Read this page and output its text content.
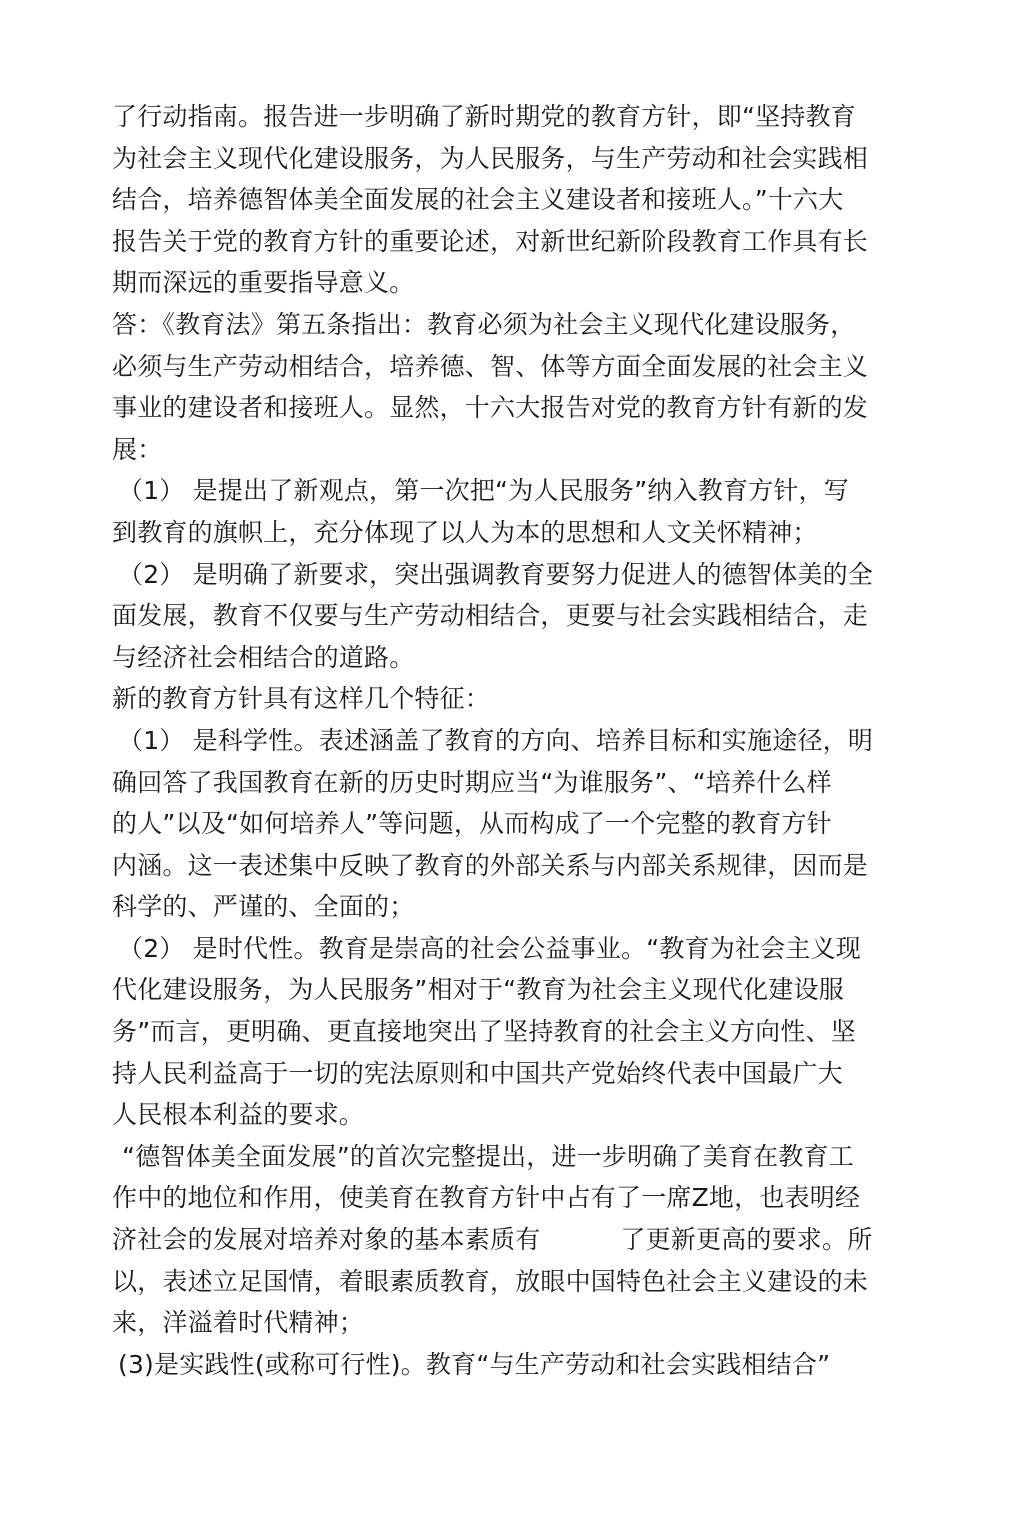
了行动指南。报告进一步明确了新时期党的教育方针，即“坚持教育
为社会主义现代化建设服务，为人民服务，与生产劳动和社会实践相
结合，培养德智体美全面发展的社会主义建设者和接班人。”十六大
报告关于党的教育方针的重要论述，对新世纪新阶段教育工作具有长
期而深远的重要指导意义。
答：《教育法》第五条指出：教育必须为社会主义现代化建设服务，
必须与生产劳动相结合，培养德、智、体等方面全面发展的社会主义
事业的建设者和接班人。显然，十六大报告对党的教育方针有新的发
展：
（1） 是提出了新观点，第一次把“为人民服务”纳入教育方针，写
到教育的旗帜上，充分体现了以人为本的思想和人文关怀精神；
（2） 是明确了新要求，突出强调教育要努力促进人的德智体美的全
面发展，教育不仅要与生产劳动相结合，更要与社会实践相结合，走
与经济社会相结合的道路。
新的教育方针具有这样几个特征：
（1） 是科学性。表述涵盖了教育的方向、培养目标和实施途径，明
确回答了我国教育在新的历史时期应当“为谁服务”、“培养什么样
的人”以及“如何培养人”等问题，从而构成了一个完整的教育方针
内涵。这一表述集中反映了教育的外部关系与内部关系规律，因而是
科学的、严谨的、全面的；
（2） 是时代性。教育是崇高的社会公益事业。“教育为社会主义现
代化建设服务，为人民服务”相对于“教育为社会主义现代化建设服
务”而言，更明确、更直接地突出了坚持教育的社会主义方向性、坚
持人民利益高于一切的宪法原则和中国共产党始终代表中国最广大
人民根本利益的要求。
“德智体美全面发展”的首次完整提出，进一步明确了美育在教育工
作中的地位和作用，使美育在教育方针中占有了一席Z地，也表明经
济社会的发展对培养对象的基本素质有	了更新更高的要求。所
以，表述立足国情，着眼素质教育，放眼中国特色社会主义建设的未
来，洋溢着时代精神；
(3)是实践性(或称可行性)。教育“与生产劳动和社会实践相结合”
